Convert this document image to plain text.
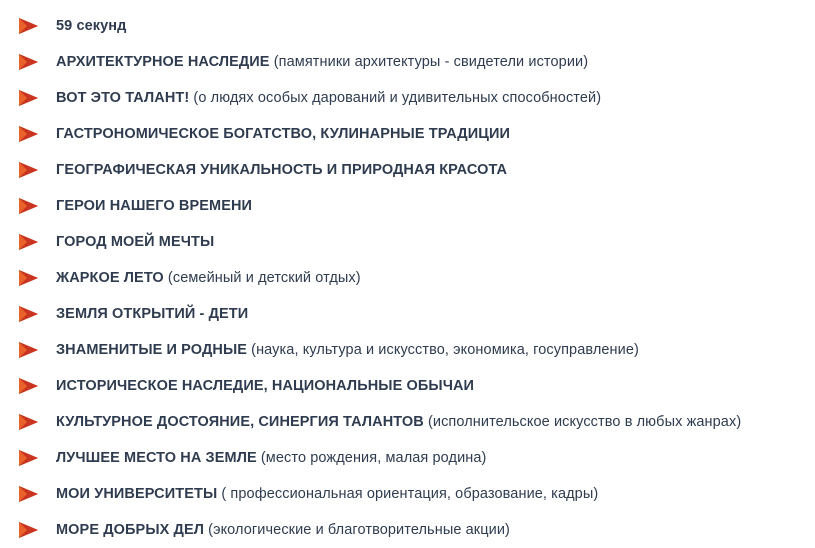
59 секунд
АРХИТЕКТУРНОЕ НАСЛЕДИЕ (памятники архитектуры - свидетели истории)
ВОТ ЭТО ТАЛАНТ! (о людях особых дарований и удивительных способностей)
ГАСТРОНОМИЧЕСКОЕ БОГАТСТВО, КУЛИНАРНЫЕ ТРАДИЦИИ
ГЕОГРАФИЧЕСКАЯ УНИКАЛЬНОСТЬ И ПРИРОДНАЯ КРАСОТА
ГЕРОИ НАШЕГО ВРЕМЕНИ
ГОРОД МОЕЙ МЕЧТЫ
ЖАРКОЕ ЛЕТО (семейный и детский отдых)
ЗЕМЛЯ ОТКРЫТИЙ - ДЕТИ
ЗНАМЕНИТЫЕ И РОДНЫЕ (наука, культура и искусство, экономика, госуправление)
ИСТОРИЧЕСКОЕ НАСЛЕДИЕ, НАЦИОНАЛЬНЫЕ ОБЫЧАИ
КУЛЬТУРНОЕ ДОСТОЯНИЕ, СИНЕРГИЯ ТАЛАНТОВ (исполнительское искусство в любых жанрах)
ЛУЧШЕЕ МЕСТО НА ЗЕМЛЕ (место рождения, малая родина)
МОИ УНИВЕРСИТЕТЫ ( профессиональная ориентация, образование, кадры)
МОРЕ ДОБРЫХ ДЕЛ (экологические и благотворительные акции)
